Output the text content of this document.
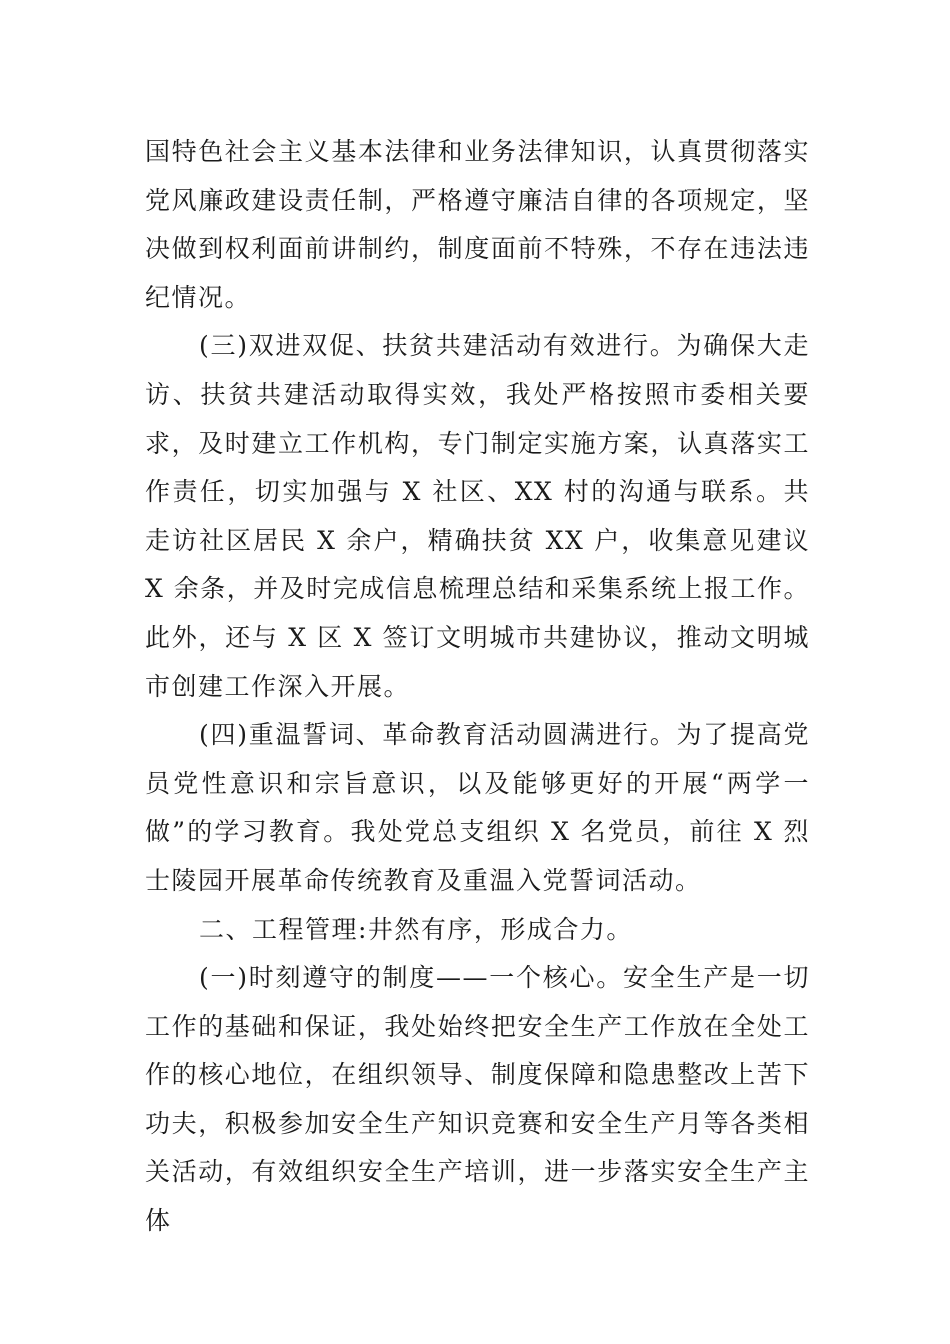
国特色社会主义基本法律和业务法律知识，认真贯彻落实党风廉政建设责任制，严格遵守廉洁自律的各项规定，坚决做到权利面前讲制约，制度面前不特殊，不存在违法违纪情况。

(三)双进双促、扶贫共建活动有效进行。为确保大走访、扶贫共建活动取得实效，我处严格按照市委相关要求，及时建立工作机构，专门制定实施方案，认真落实工作责任，切实加强与 X 社区、XX 村的沟通与联系。共走访社区居民 X 余户，精确扶贫 XX 户，收集意见建议 X 余条，并及时完成信息梳理总结和采集系统上报工作。此外，还与 X 区 X 签订文明城市共建协议，推动文明城市创建工作深入开展。

(四)重温誓词、革命教育活动圆满进行。为了提高党员党性意识和宗旨意识，以及能够更好的开展“两学一做”的学习教育。我处党总支组织 X 名党员，前往 X 烈士陵园开展革命传统教育及重温入党誓词活动。

二、工程管理:井然有序，形成合力。

(一)时刻遵守的制度——一个核心。安全生产是一切工作的基础和保证，我处始终把安全生产工作放在全处工作的核心地位，在组织领导、制度保障和隐患整改上苦下功夫，积极参加安全生产知识竞赛和安全生产月等各类相关活动，有效组织安全生产培训，进一步落实安全生产主体
